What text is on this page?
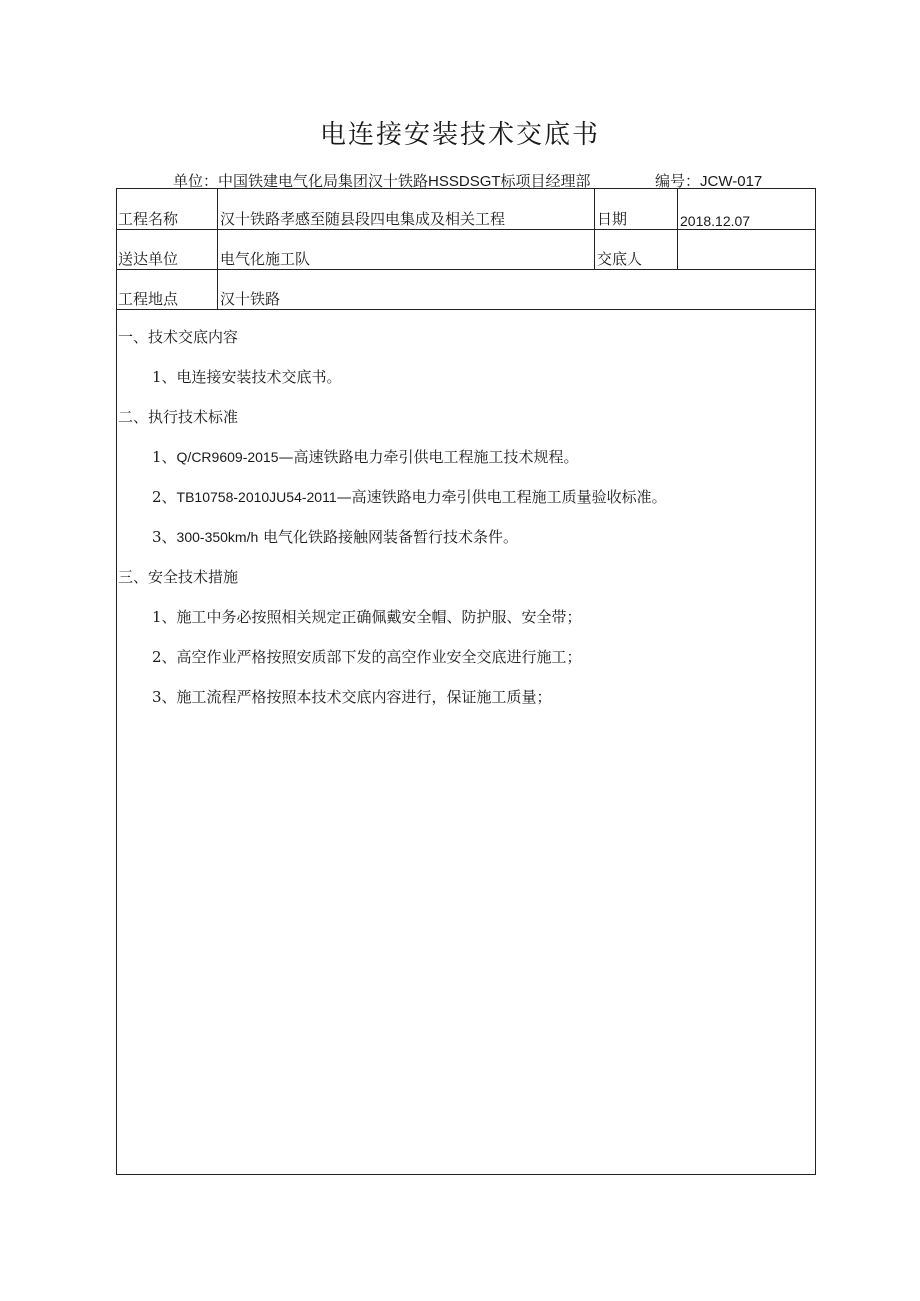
电连接安装技术交底书
单位：中国铁建电气化局集团汉十铁路HSSDSGT标项目经理部	编号：JCW-017
工程名称	汉十铁路孝感至随县段四电集成及相关工程	日期	2018.12.07
送达单位	电气化施工队	交底人
工程地点	汉十铁路
一、技术交底内容
1、电连接安装技术交底书。
二、执行技术标准
1、Q/CR9609-2015—高速铁路电力牵引供电工程施工技术规程。
2、TB10758-2010JU54-2011—高速铁路电力牵引供电工程施工质量验收标准。
3、300-350km/h 电气化铁路接触网装备暂行技术条件。
三、安全技术措施
1、施工中务必按照相关规定正确佩戴安全帽、防护服、安全带；
2、高空作业严格按照安质部下发的高空作业安全交底进行施工；
3、施工流程严格按照本技术交底内容进行，保证施工质量；
